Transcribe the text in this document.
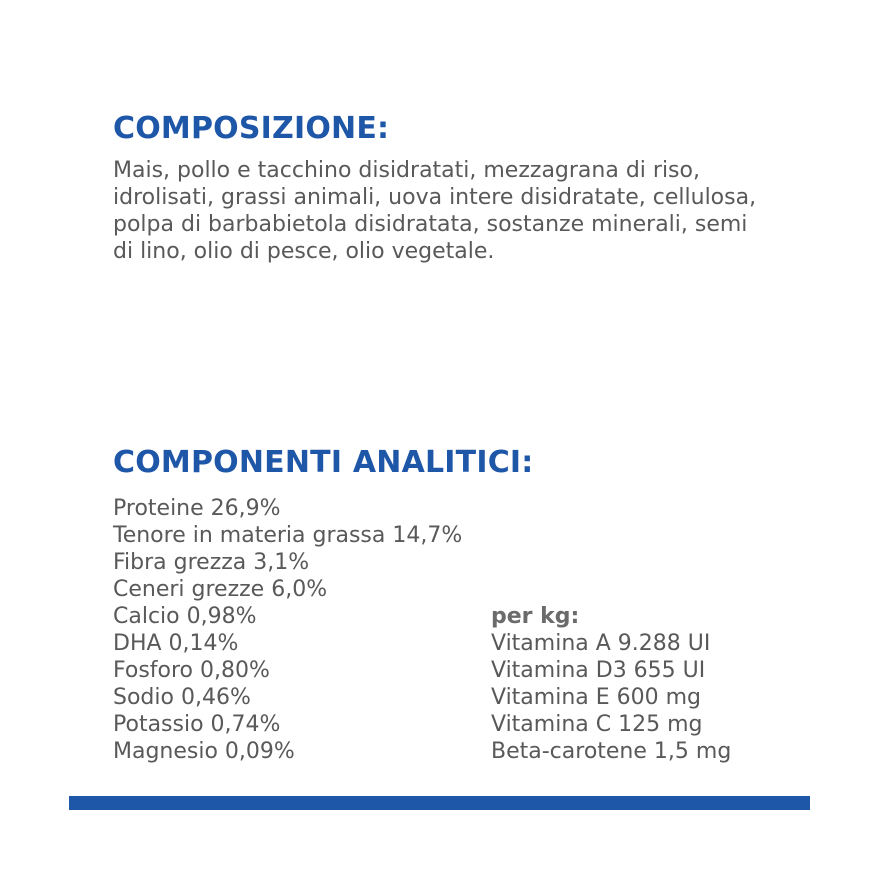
COMPOSIZIONE:

Mais, pollo e tacchino disidratati, mezzagrana di riso, idrolisati, grassi animali, uova intere disidratate, cellulosa, polpa di barbabietola disidratata, sostanze minerali, semi di lino, olio di pesce, olio vegetale.

COMPONENTI ANALITICI:
Proteine 26,9%
Tenore in materia grassa 14,7%
Fibra grezza 3,1%
Ceneri grezze 6,0%
Calcio 0,98%
DHA 0,14%
Fosforo 0,80%
Sodio 0,46%
Potassio 0,74%
Magnesio 0,09%

per kg:

Vitamina A 9.288 UI
Vitamina D3 655 UI
Vitamina E 600 mg
Vitamina C 125 mg
Beta-carotene 1,5 mg
